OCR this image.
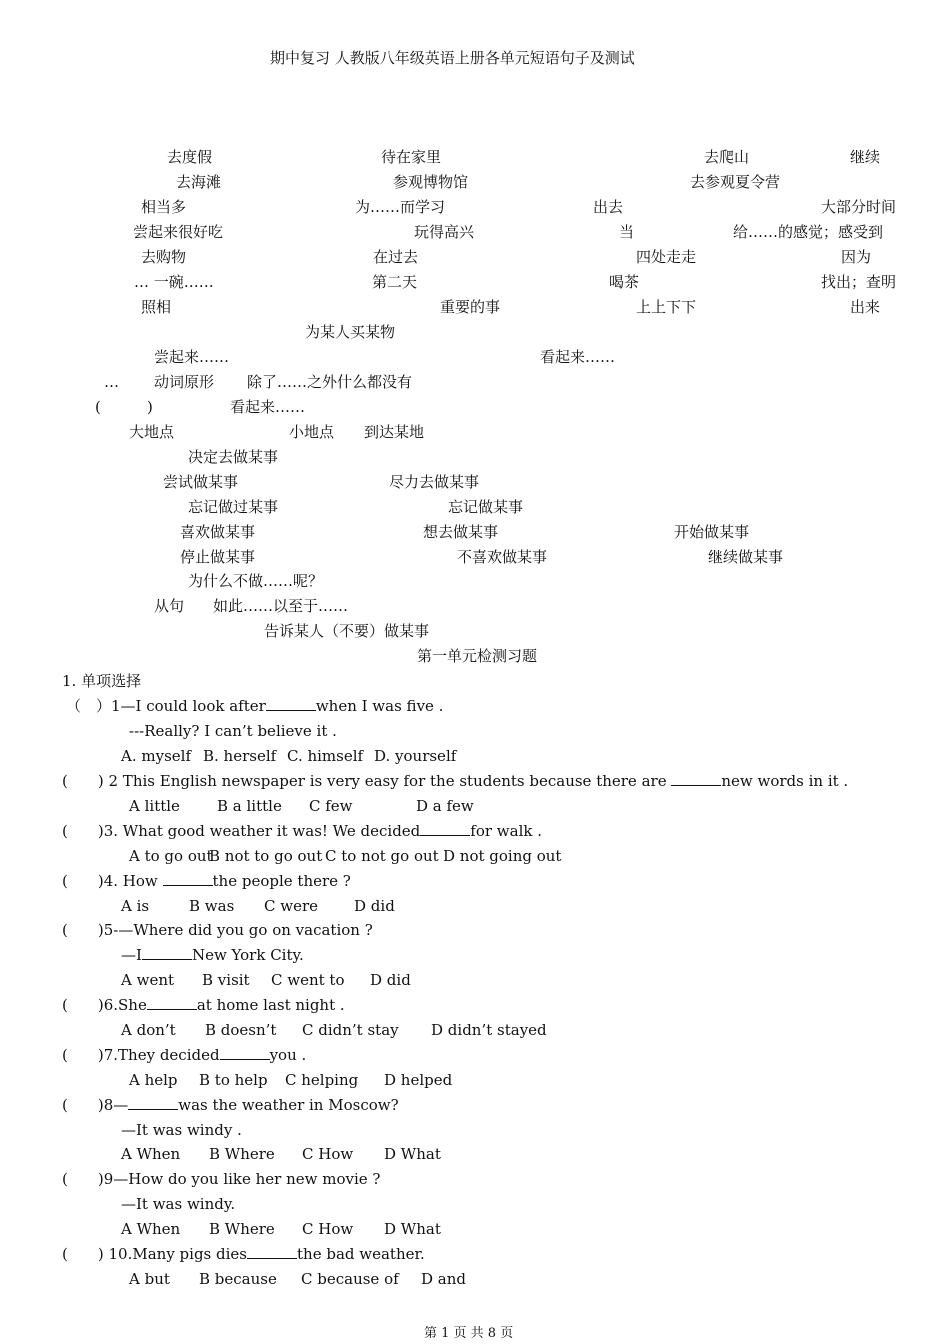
期中复习 人教版八年级英语上册各单元短语句子及测试
去度假	待在家里	去爬山	继续
去海滩	参观博物馆	去参观夏令营
相当多	为……而学习	出去	大部分时间
尝起来很好吃	玩得高兴	当	给……的感觉；感受到
去购物	在过去	四处走走	因为
… 一碗……	第二天	喝茶	找出；查明
照相	重要的事	上上下下	出来
为某人买某物
尝起来……	看起来……
… 动词原形 除了……之外什么都没有
(	)	看起来……
大地点	小地点 到达某地
决定去做某事
尝试做某事	尽力去做某事
忘记做过某事	忘记做某事
喜欢做某事	想去做某事	开始做某事
停止做某事	不喜欢做某事	继续做某事
为什么不做……呢？
从句 如此……以至于……
告诉某人（不要）做某事
第一单元检测习题
1. 单项选择
（　）1—I could look after	when I was five .
---Really? I can’t believe it .
A. myself B. herself C. himself D. yourself
(　　) 2 This English newspaper is very easy for the students because there are	new words in it .
A little B a little C few	D a few
(　　)3. What good weather it was! We decided	for walk .
A to go outB not to go out C to not go out D not going out
(　　)4. How	the people there ?
A is	B was C were D did
(　　)5-—Where did you go on vacation ?
—I	New York City.
A went B visit C went to D did
(　　)6.She	at home last night .
A don’t B doesn’t C didn’t stay D didn’t stayed
(　　)7.They decided	you .
A help B to help C helping D helped
(　　)8—	was the weather in Moscow?
—It was windy .
A When B Where C How D What
(　　)9—How do you like her new movie ?
—It was windy.
A When B Where C How D What
(　　) 10.Many pigs dies	the bad weather.
A but B because C because of D and
第 1 页 共 8 页
